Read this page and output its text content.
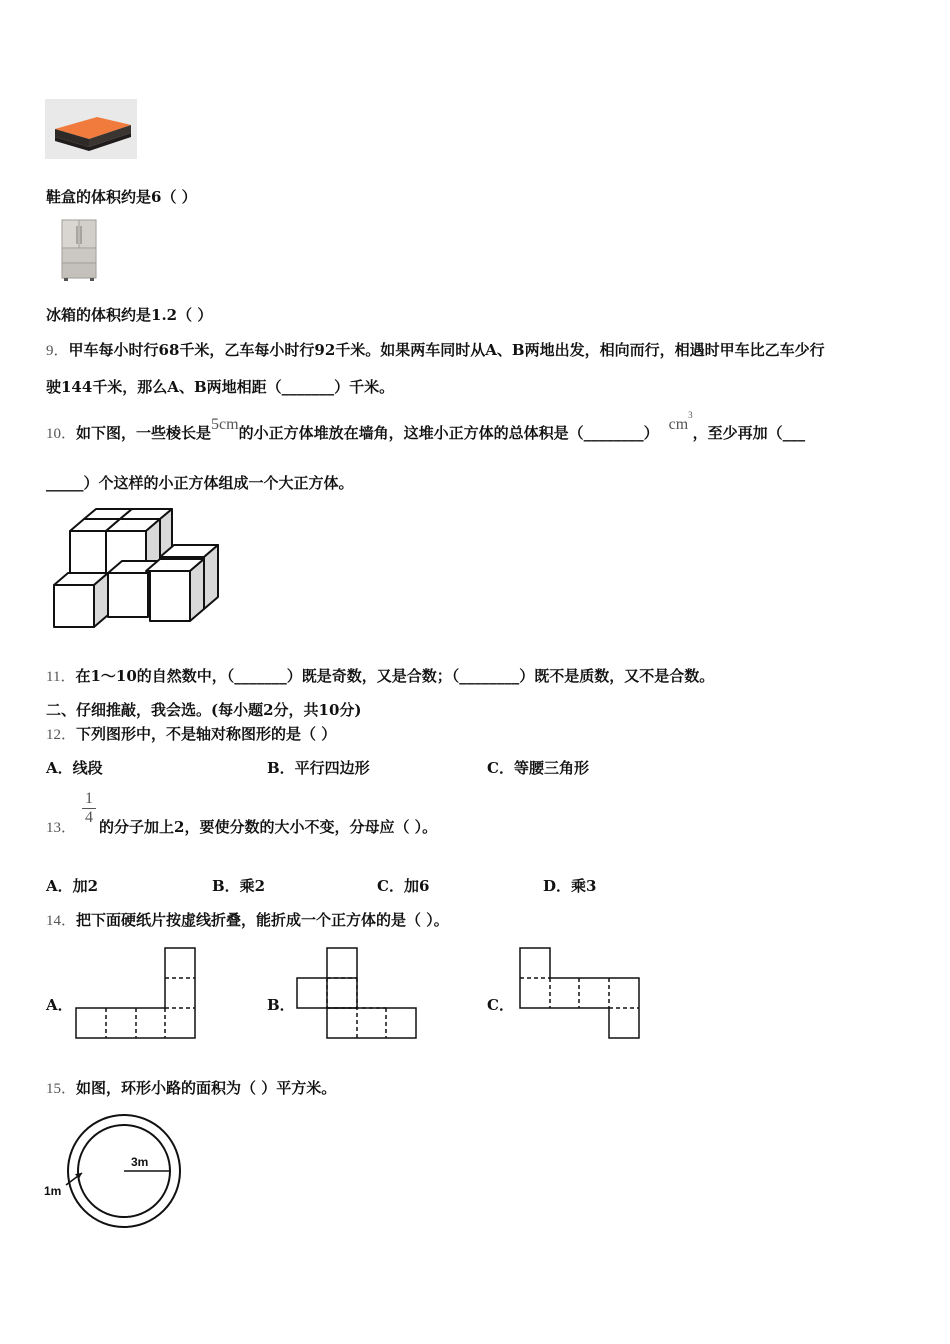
鞋盒的体积约是6（ ）
冰箱的体积约是1.2（ ）
9．甲车每小时行68千米，乙车每小时行92千米。如果两车同时从A、B两地出发，相向而行，相遇时甲车比乙车少行
驶144千米，那么A、B两地相距（_______）千米。
10．如下图，一些棱长是5cm的小正方体堆放在墙角，这堆小正方体的总体积是（________） $cm^3$，至少再加（___
_____）个这样的小正方体组成一个大正方体。
11．在1～10的自然数中，（_______）既是奇数，又是合数；（________）既不是质数，又不是合数。
二、仔细推敲，我会选。(每小题2分，共10分)
12．下列图形中，不是轴对称图形的是（ ）
A．线段	B．平行四边形	C．等腰三角形
13．
1
4
的分子加上2，要使分数的大小不变，分母应（ ）。
A．加2	B．乘2	C．加6	D．乘3
14．把下面硬纸片按虚线折叠，能折成一个正方体的是（ ）。
A．	B．	C．
15．如图，环形小路的面积为（ ）平方米。
3m
1m
